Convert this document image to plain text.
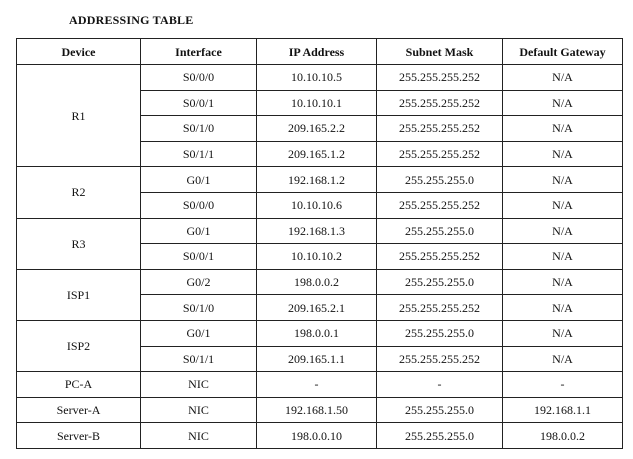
ADDRESSING TABLE
Device	Interface	IP Address	Subnet Mask	Default Gateway
R1	S0/0/0	10.10.10.5	255.255.255.252	N/A
	S0/0/1	10.10.10.1	255.255.255.252	N/A
	S0/1/0	209.165.2.2	255.255.255.252	N/A
	S0/1/1	209.165.1.2	255.255.255.252	N/A
R2	G0/1	192.168.1.2	255.255.255.0	N/A
	S0/0/0	10.10.10.6	255.255.255.252	N/A
R3	G0/1	192.168.1.3	255.255.255.0	N/A
	S0/0/1	10.10.10.2	255.255.255.252	N/A
ISP1	G0/2	198.0.0.2	255.255.255.0	N/A
	S0/1/0	209.165.2.1	255.255.255.252	N/A
ISP2	G0/1	198.0.0.1	255.255.255.0	N/A
	S0/1/1	209.165.1.1	255.255.255.252	N/A
PC-A	NIC	-	-	-
Server-A	NIC	192.168.1.50	255.255.255.0	192.168.1.1
Server-B	NIC	198.0.0.10	255.255.255.0	198.0.0.2
